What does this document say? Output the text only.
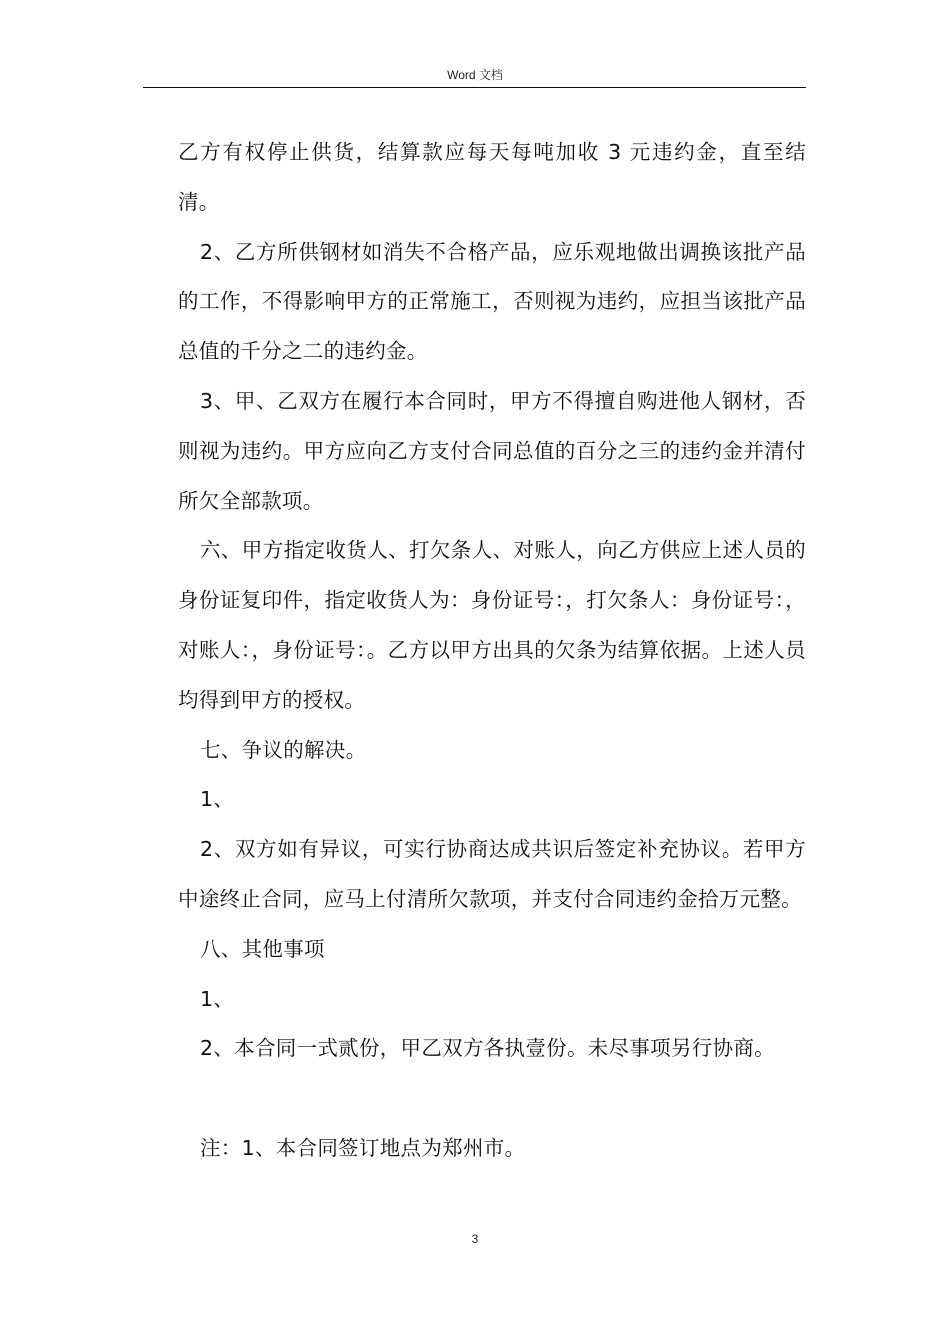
Word 文档

乙方有权停止供货，结算款应每天每吨加收 3 元违约金，直至结清。

2、乙方所供钢材如消失不合格产品，应乐观地做出调换该批产品的工作，不得影响甲方的正常施工，否则视为违约，应担当该批产品总值的千分之二的违约金。

3、甲、乙双方在履行本合同时，甲方不得擅自购进他人钢材，否则视为违约。甲方应向乙方支付合同总值的百分之三的违约金并清付所欠全部款项。

六、甲方指定收货人、打欠条人、对账人，向乙方供应上述人员的身份证复印件，指定收货人为：身份证号：，打欠条人：身份证号：，对账人：，身份证号：。乙方以甲方出具的欠条为结算依据。上述人员均得到甲方的授权。

七、争议的解决。

1、

2、双方如有异议，可实行协商达成共识后签定补充协议。若甲方中途终止合同，应马上付清所欠款项，并支付合同违约金拾万元整。

八、其他事项

1、

2、本合同一式贰份，甲乙双方各执壹份。未尽事项另行协商。

注：1、本合同签订地点为郑州市。

3
